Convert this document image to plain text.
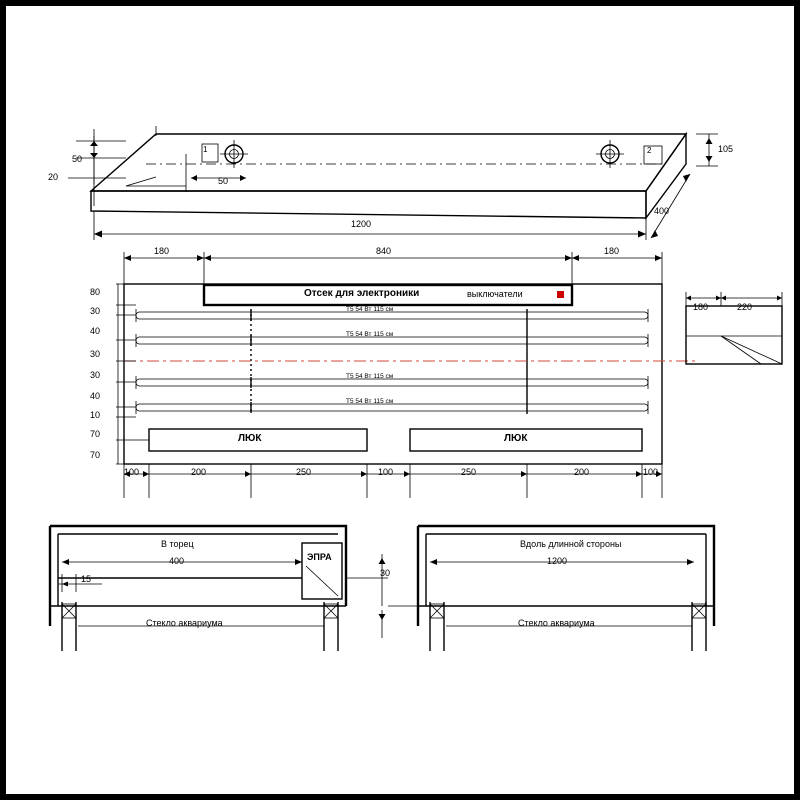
50
20	50
1	2	105
1200
400
180	840	180
80
30
40
30
30
40
10
70
70
100	200	250	100	250	200	100
Отсек для электроники	выключатели
T5 54 Вт 115 см
T5 54 Вт 115 см
T5 54 Вт 115 см
T5 54 Вт 115 см
ЛЮК	ЛЮК
180	220
В торец
400
15
ЭПРА
Стекло аквариума
30
Вдоль длинной стороны
1200
Стекло аквариума
